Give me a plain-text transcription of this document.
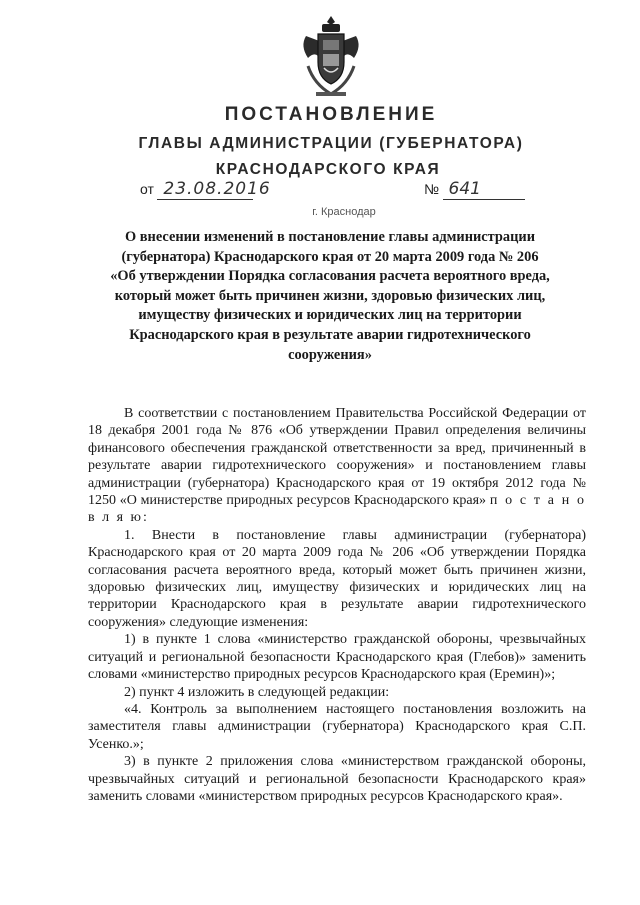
ПОСТАНОВЛЕНИЕ
ГЛАВЫ АДМИНИСТРАЦИИ (ГУБЕРНАТОРА)
КРАСНОДАРСКОГО КРАЯ
от 23.08.2016	№ 641
г. Краснодар
О внесении изменений в постановление главы администрации (губернатора) Краснодарского края от 20 марта 2009 года № 206 «Об утверждении Порядка согласования расчета вероятного вреда, который может быть причинен жизни, здоровью физических лиц, имуществу физических и юридических лиц на территории Краснодарского края в результате аварии гидротехнического сооружения»

В соответствии с постановлением Правительства Российской Федерации от 18 декабря 2001 года № 876 «Об утверждении Правил определения величины финансового обеспечения гражданской ответственности за вред, причиненный в результате аварии гидротехнического сооружения» и постановлением главы администрации (губернатора) Краснодарского края от 19 октября 2012 года № 1250 «О министерстве природных ресурсов Краснодарского края» п о с т а н о в л я ю:

1. Внести в постановление главы администрации (губернатора) Краснодарского края от 20 марта 2009 года № 206 «Об утверждении Порядка согласования расчета вероятного вреда, который может быть причинен жизни, здоровью физических лиц, имуществу физических и юридических лиц на территории Краснодарского края в результате аварии гидротехнического сооружения» следующие изменения:

1) в пункте 1 слова «министерство гражданской обороны, чрезвычайных ситуаций и региональной безопасности Краснодарского края (Глебов)» заменить словами «министерство природных ресурсов Краснодарского края (Еремин)»;

2) пункт 4 изложить в следующей редакции:

«4. Контроль за выполнением настоящего постановления возложить на заместителя главы администрации (губернатора) Краснодарского края С.П. Усенко.»;

3) в пункте 2 приложения слова «министерством гражданской обороны, чрезвычайных ситуаций и региональной безопасности Краснодарского края» заменить словами «министерством природных ресурсов Краснодарского края».
